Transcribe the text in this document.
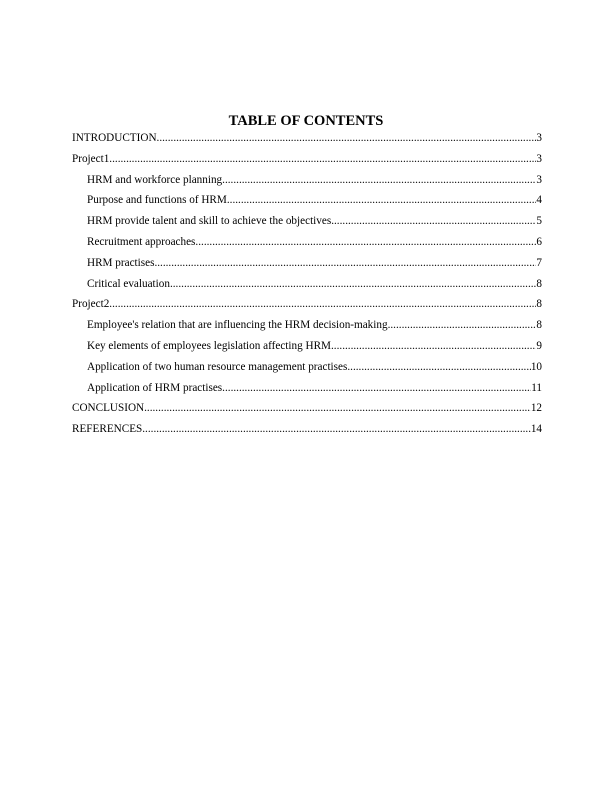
TABLE OF CONTENTS
INTRODUCTION .....	3
Project1 .....	3
HRM and workforce planning .....	3
Purpose and functions of HRM .....	4
HRM provide talent and skill to achieve the objectives .....	5
Recruitment approaches .....	6
HRM practises .....	7
Critical evaluation .....	8
Project2 .....	8
Employee's relation that are influencing the HRM decision-making .....	8
Key elements of employees legislation affecting HRM .....	9
Application of two human resource management practises .....	10
Application of HRM practises .....	11
CONCLUSION .....	12
REFERENCES .....	14
